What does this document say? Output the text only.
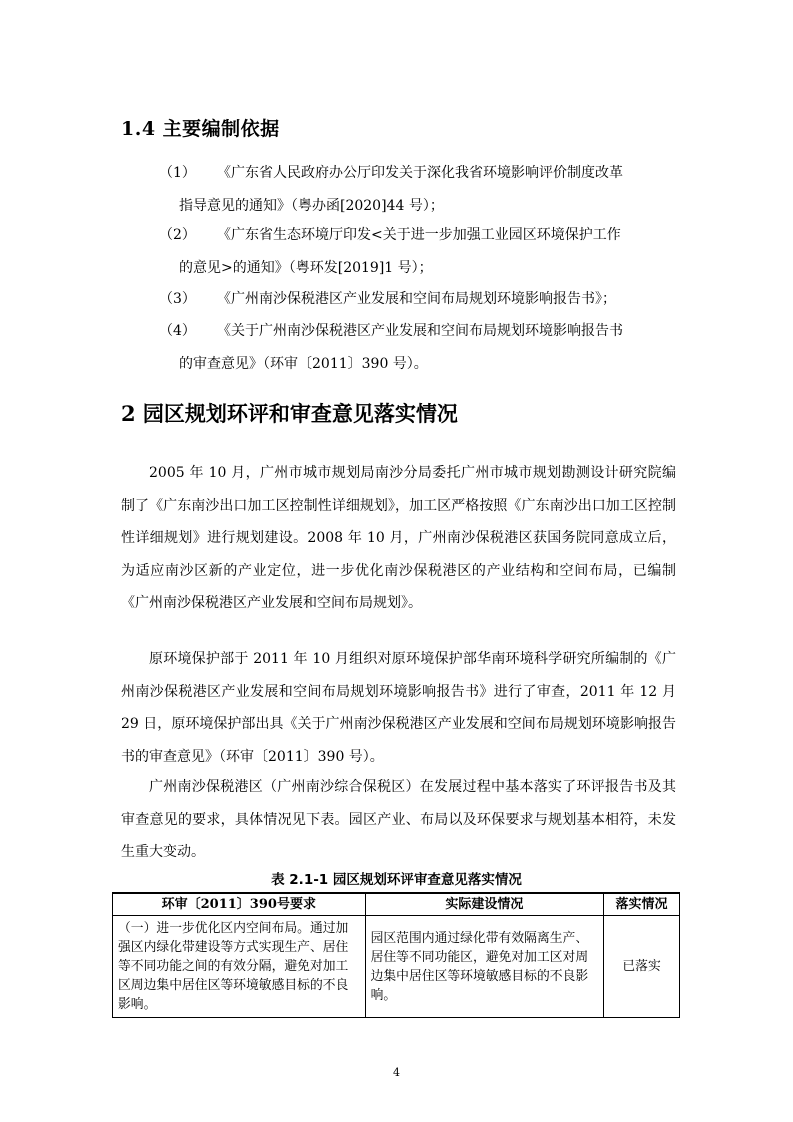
1.4 主要编制依据
（1） 《广东省人民政府办公厅印发关于深化我省环境影响评价制度改革
指导意见的通知》（粤办函[2020]44 号）；
（2） 《广东省生态环境厅印发<关于进一步加强工业园区环境保护工作
的意见>的通知》（粤环发[2019]1 号）；
（3） 《广州南沙保税港区产业发展和空间布局规划环境影响报告书》；
（4） 《关于广州南沙保税港区产业发展和空间布局规划环境影响报告书
的审查意见》（环审〔2011〕390 号）。
2 园区规划环评和审查意见落实情况

2005 年 10 月，广州市城市规划局南沙分局委托广州市城市规划勘测设计研究院编制了《广东南沙出口加工区控制性详细规划》，加工区严格按照《广东南沙出口加工区控制性详细规划》进行规划建设。2008 年 10 月，广州南沙保税港区获国务院同意成立后，为适应南沙区新的产业定位，进一步优化南沙保税港区的产业结构和空间布局，已编制《广州南沙保税港区产业发展和空间布局规划》。

原环境保护部于 2011 年 10 月组织对原环境保护部华南环境科学研究所编制的《广州南沙保税港区产业发展和空间布局规划环境影响报告书》进行了审查，2011 年 12 月 29 日，原环境保护部出具《关于广州南沙保税港区产业发展和空间布局规划环境影响报告书的审查意见》（环审〔2011〕390 号）。

广州南沙保税港区（广州南沙综合保税区）在发展过程中基本落实了环评报告书及其审查意见的要求，具体情况见下表。园区产业、布局以及环保要求与规划基本相符，未发生重大变动。

表 2.1-1 园区规划环评审查意见落实情况

环审〔2011〕390号要求	实际建设情况	落实情况
（一）进一步优化区内空间布局。通过加强区内绿化带建设等方式实现生产、居住等不同功能之间的有效分隔，避免对加工区周边集中居住区等环境敏感目标的不良影响。	园区范围内通过绿化带有效隔离生产、居住等不同功能区，避免对加工区对周边集中居住区等环境敏感目标的不良影响。	已落实

4
